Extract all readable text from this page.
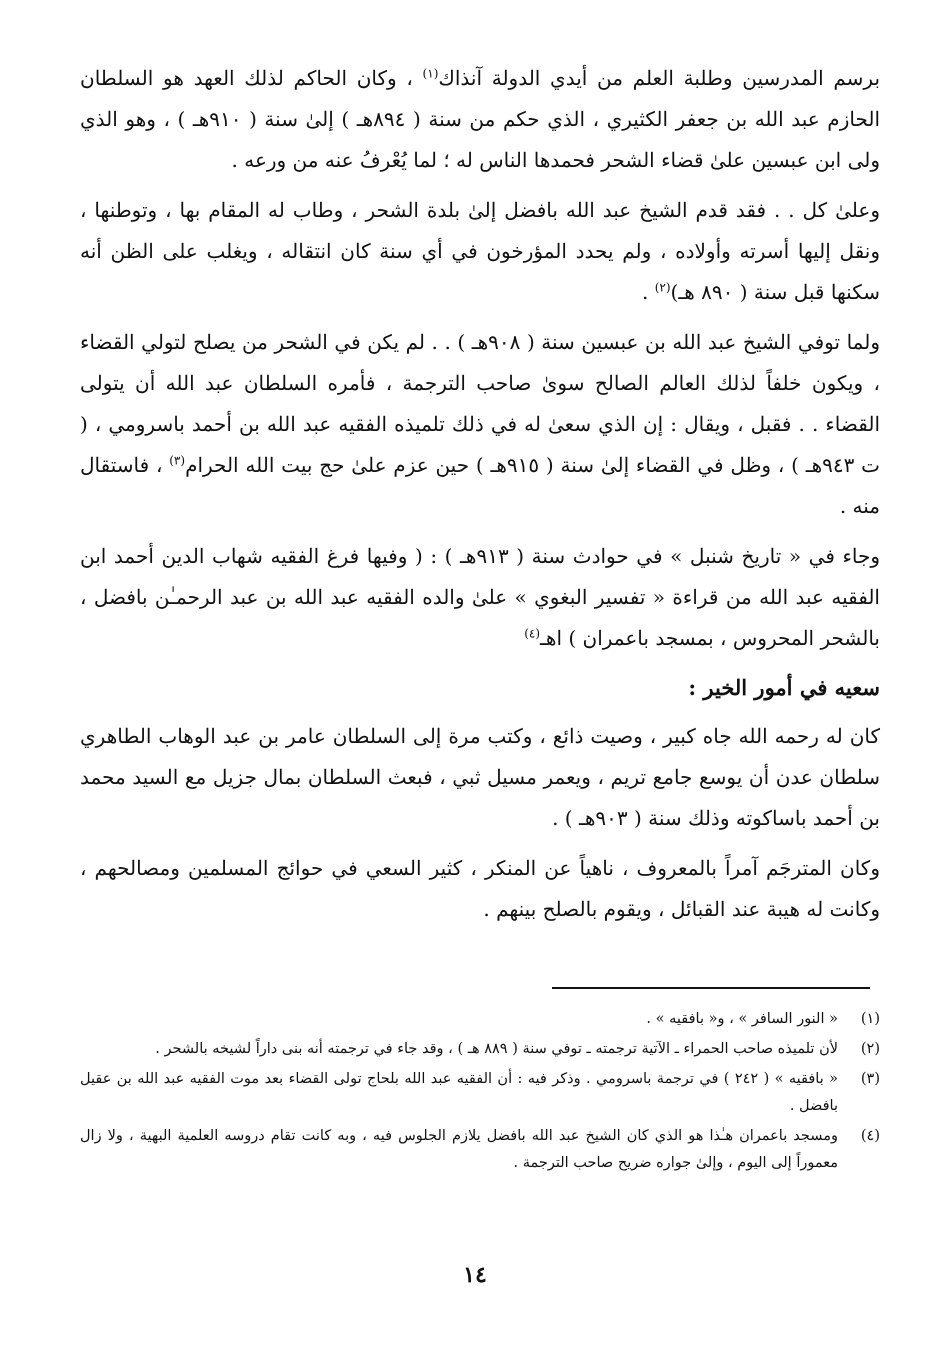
برسم المدرسين وطلبة العلم من أيدي الدولة آنذاك$^{(١)}$ ، وكان الحاكم لذلك العهد هو السلطان الحازم عبد الله بن جعفر الكثيري ، الذي حكم من سنة ( ٨٩٤هـ ) إلىٰ سنة ( ٩١٠هـ ) ، وهو الذي ولى ابن عبسين علىٰ قضاء الشحر فحمدها الناس له ؛ لما يُعْرفُ عنه من ورعه .

وعلىٰ كل . . فقد قدم الشيخ عبد الله بافضل إلىٰ بلدة الشحر ، وطاب له المقام بها ، وتوطنها ، ونقل إليها أسرته وأولاده ، ولم يحدد المؤرخون في أي سنة كان انتقاله ، ويغلب على الظن أنه سكنها قبل سنة ( ٨٩٠ هـ)$^{(٢)}$ .

ولما توفي الشيخ عبد الله بن عبسين سنة ( ٩٠٨هـ ) . . لم يكن في الشحر من يصلح لتولي القضاء ، ويكون خلفاً لذلك العالم الصالح سوىٰ صاحب الترجمة ، فأمره السلطان عبد الله أن يتولى القضاء . . فقبل ، ويقال : إن الذي سعىٰ له في ذلك تلميذه الفقيه عبد الله بن أحمد باسرومي ، ( ت ٩٤٣هـ ) ، وظل في القضاء إلىٰ سنة ( ٩١٥هـ ) حين عزم علىٰ حج بيت الله الحرام$^{(٣)}$ ، فاستقال منه .

وجاء في « تاريخ شنبل » في حوادث سنة ( ٩١٣هـ ) : ( وفيها فرغ الفقيه شهاب الدين أحمد ابن الفقيه عبد الله من قراءة « تفسير البغوي » علىٰ والده الفقيه عبد الله بن عبد الرحمـٰن بافضل ، بالشحر المحروس ، بمسجد باعمران ) اهـ$^{(٤)}$

سعيه في أمور الخير :

كان له رحمه الله جاه كبير ، وصيت ذائع ، وكتب مرة إلى السلطان عامر بن عبد الوهاب الطاهري سلطان عدن أن يوسع جامع تريم ، ويعمر مسيل ثبي ، فبعث السلطان بمال جزيل مع السيد محمد بن أحمد باساكوته وذلك سنة ( ٩٠٣هـ ) .

وكان المترجَم آمراً بالمعروف ، ناهياً عن المنكر ، كثير السعي في حوائج المسلمين ومصالحهم ، وكانت له هيبة عند القبائل ، ويقوم بالصلح بينهم .

(١)
« النور السافر » ، و« بافقيه » .
(٢)
لأن تلميذه صاحب الحمراء ـ الآتية ترجمته ـ توفي سنة ( ٨٨٩ هـ ) ، وقد جاء في ترجمته أنه بنى داراً لشيخه بالشحر .
(٣)
« بافقيه » ( ٢٤٢ ) في ترجمة باسرومي . وذكر فيه : أن الفقيه عبد الله بلحاج تولى القضاء بعد موت الفقيه عبد الله بن عقيل بافضل .
(٤)
ومسجد باعمران هـٰذا هو الذي كان الشيخ عبد الله بافضل يلازم الجلوس فيه ، وبه كانت تقام دروسه العلمية البهية ، ولا زال معموراً إلى اليوم ، وإلىٰ جواره ضريح صاحب الترجمة .
١٤
